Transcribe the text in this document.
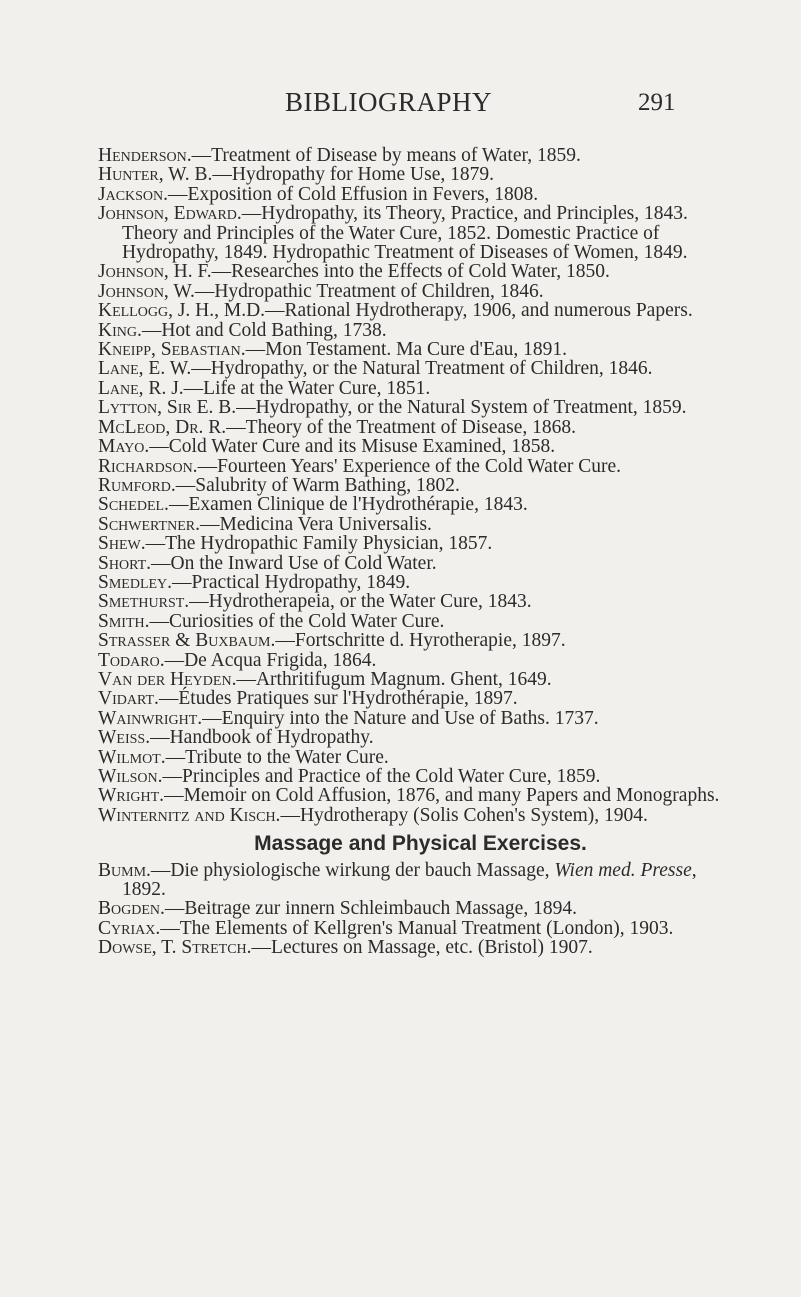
BIBLIOGRAPHY	291

Henderson.—Treatment of Disease by means of Water, 1859.

Hunter, W. B.—Hydropathy for Home Use, 1879.

Jackson.—Exposition of Cold Effusion in Fevers, 1808.

Johnson, Edward.—Hydropathy, its Theory, Practice, and Principles, 1843. Theory and Principles of the Water Cure, 1852. Domestic Practice of Hydropathy, 1849. Hydropathic Treatment of Diseases of Women, 1849.

Johnson, H. F.—Researches into the Effects of Cold Water, 1850.

Johnson, W.—Hydropathic Treatment of Children, 1846.

Kellogg, J. H., M.D.—Rational Hydrotherapy, 1906, and numerous Papers.

King.—Hot and Cold Bathing, 1738.

Kneipp, Sebastian.—Mon Testament. Ma Cure d'Eau, 1891.

Lane, E. W.—Hydropathy, or the Natural Treatment of Children, 1846.

Lane, R. J.—Life at the Water Cure, 1851.

Lytton, Sir E. B.—Hydropathy, or the Natural System of Treatment, 1859.

McLeod, Dr. R.—Theory of the Treatment of Disease, 1868.

Mayo.—Cold Water Cure and its Misuse Examined, 1858.

Richardson.—Fourteen Years' Experience of the Cold Water Cure.

Rumford.—Salubrity of Warm Bathing, 1802.

Schedel.—Examen Clinique de l'Hydrothérapie, 1843.

Schwertner.—Medicina Vera Universalis.

Shew.—The Hydropathic Family Physician, 1857.

Short.—On the Inward Use of Cold Water.

Smedley.—Practical Hydropathy, 1849.

Smethurst.—Hydrotherapeia, or the Water Cure, 1843.

Smith.—Curiosities of the Cold Water Cure.

Strasser & Buxbaum.—Fortschritte d. Hyrotherapie, 1897.

Todaro.—De Acqua Frigida, 1864.

Van der Heyden.—Arthritifugum Magnum. Ghent, 1649.

Vidart.—Études Pratiques sur l'Hydrothérapie, 1897.

Wainwright.—Enquiry into the Nature and Use of Baths. 1737.

Weiss.—Handbook of Hydropathy.

Wilmot.—Tribute to the Water Cure.

Wilson.—Principles and Practice of the Cold Water Cure, 1859.

Wright.—Memoir on Cold Affusion, 1876, and many Papers and Monographs.

Winternitz and Kisch.—Hydrotherapy (Solis Cohen's System), 1904.

Massage and Physical Exercises.

Bumm.—Die physiologische wirkung der bauch Massage, Wien med. Presse, 1892.

Bogden.—Beitrage zur innern Schleimbauch Massage, 1894.

Cyriax.—The Elements of Kellgren's Manual Treatment (London), 1903.

Dowse, T. Stretch.—Lectures on Massage, etc. (Bristol) 1907.
